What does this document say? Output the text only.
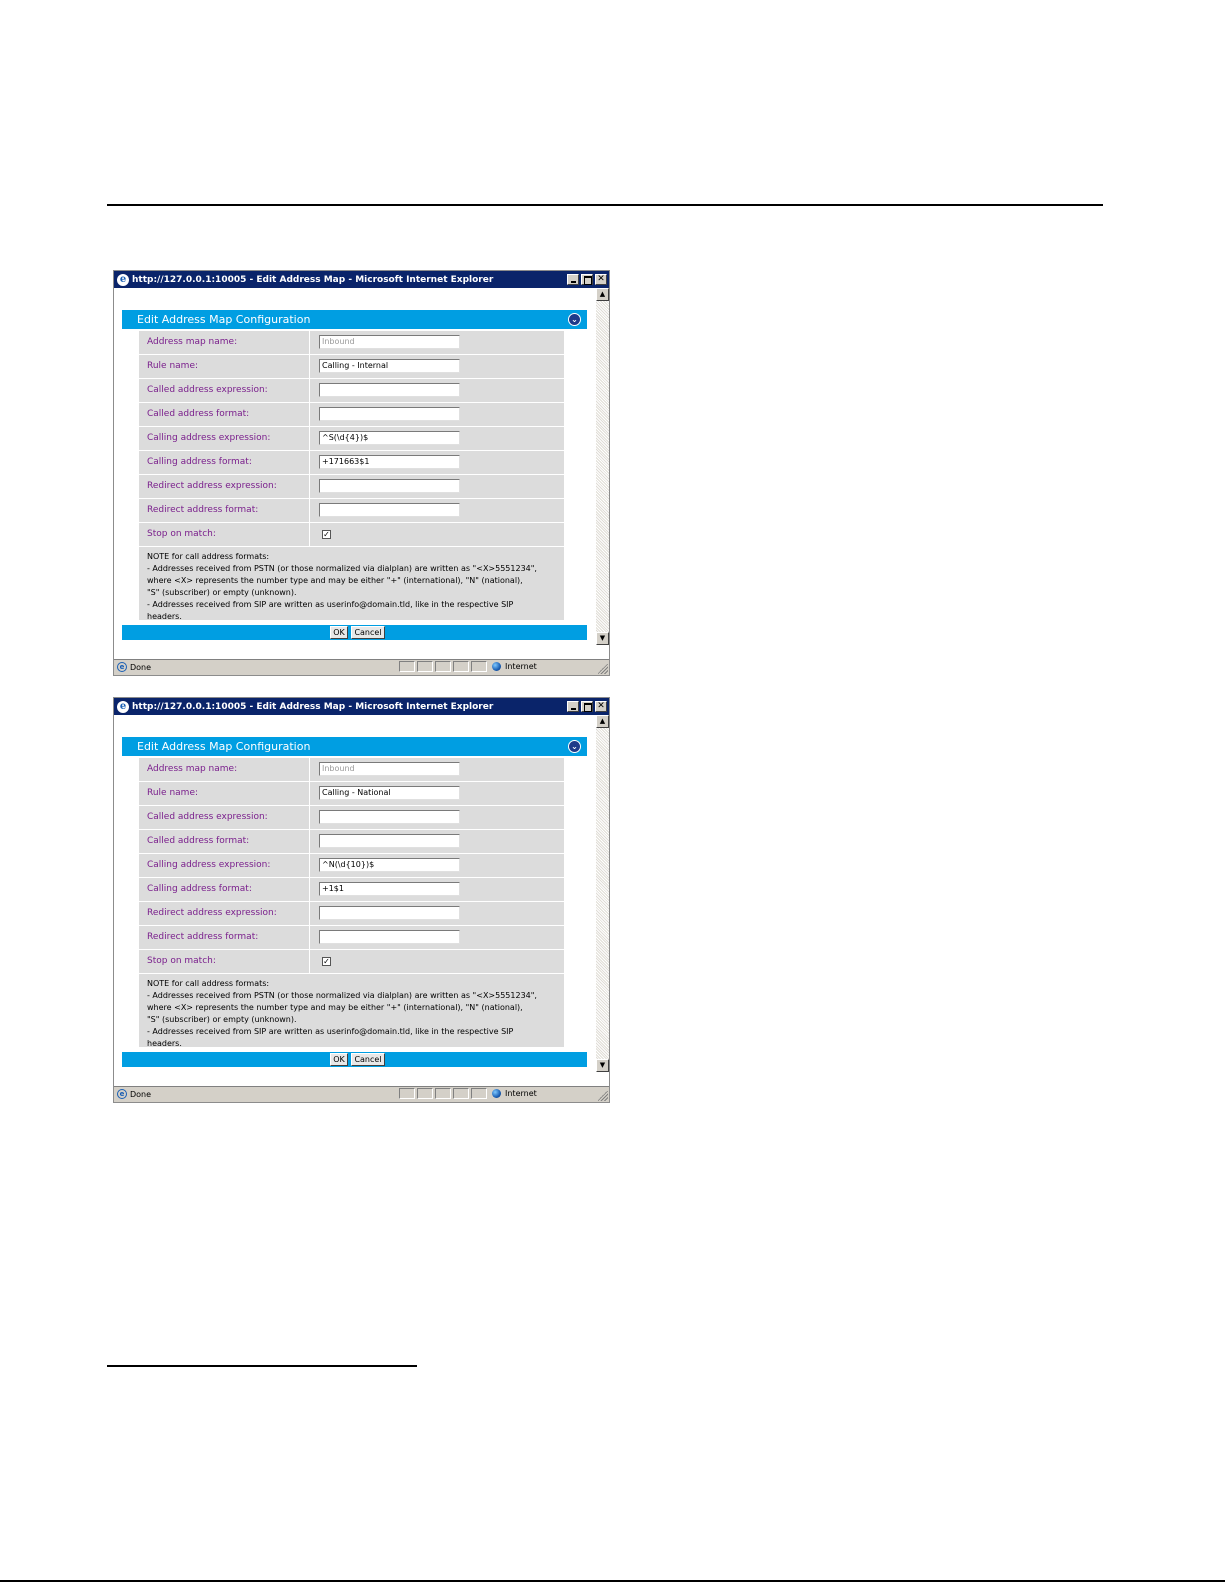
e http://127.0.0.1:10005 - Edit Address Map - Microsoft Internet Explorer	✕
Edit Address Map Configuration	⌄
Address map name:	Inbound
Rule name:	Calling - Internal
Called address expression:
Called address format:
Calling address expression:	^S(\d{4})$
Calling address format:	+171663$1
Redirect address expression:
Redirect address format:
Stop on match:	✓
NOTE for call address formats:
- Addresses received from PSTN (or those normalized via dialplan) are written as "<X>5551234",
where <X> represents the number type and may be either "+" (international), "N" (national),
"S" (subscriber) or empty (unknown).
- Addresses received from SIP are written as userinfo@domain.tld, like in the respective SIP
headers.
OK	Cancel
▲
▼
e Done	Internet
e http://127.0.0.1:10005 - Edit Address Map - Microsoft Internet Explorer	✕
Edit Address Map Configuration	⌄
Address map name:	Inbound
Rule name:	Calling - National
Called address expression:
Called address format:
Calling address expression:	^N(\d{10})$
Calling address format:	+1$1
Redirect address expression:
Redirect address format:
Stop on match:	✓
NOTE for call address formats:
- Addresses received from PSTN (or those normalized via dialplan) are written as "<X>5551234",
where <X> represents the number type and may be either "+" (international), "N" (national),
"S" (subscriber) or empty (unknown).
- Addresses received from SIP are written as userinfo@domain.tld, like in the respective SIP
headers.
OK	Cancel
▲
▼
e Done	Internet
